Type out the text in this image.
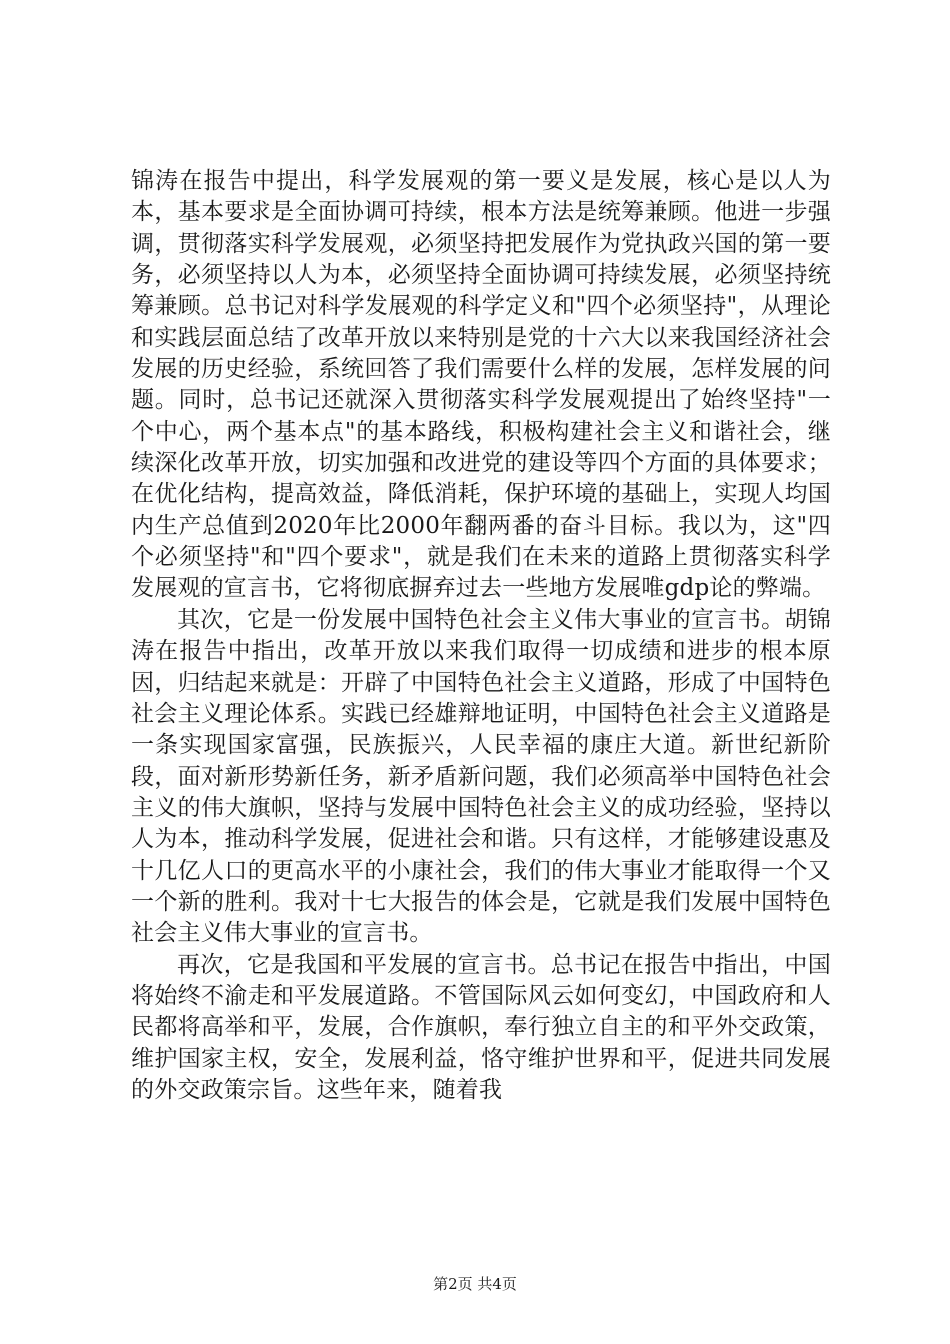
锦涛在报告中提出，科学发展观的第一要义是发展，核心是以人为本，基本要求是全面协调可持续，根本方法是统筹兼顾。他进一步强调，贯彻落实科学发展观，必须坚持把发展作为党执政兴国的第一要务，必须坚持以人为本，必须坚持全面协调可持续发展，必须坚持统筹兼顾。总书记对科学发展观的科学定义和"四个必须坚持"，从理论和实践层面总结了改革开放以来特别是党的十六大以来我国经济社会发展的历史经验，系统回答了我们需要什么样的发展，怎样发展的问题。同时，总书记还就深入贯彻落实科学发展观提出了始终坚持"一个中心，两个基本点"的基本路线，积极构建社会主义和谐社会，继续深化改革开放，切实加强和改进党的建设等四个方面的具体要求；在优化结构，提高效益，降低消耗，保护环境的基础上，实现人均国内生产总值到2020年比2000年翻两番的奋斗目标。我以为，这"四个必须坚持"和"四个要求"，就是我们在未来的道路上贯彻落实科学发展观的宣言书，它将彻底摒弃过去一些地方发展唯gdp论的弊端。

其次，它是一份发展中国特色社会主义伟大事业的宣言书。胡锦涛在报告中指出，改革开放以来我们取得一切成绩和进步的根本原因，归结起来就是：开辟了中国特色社会主义道路，形成了中国特色社会主义理论体系。实践已经雄辩地证明，中国特色社会主义道路是一条实现国家富强，民族振兴，人民幸福的康庄大道。新世纪新阶段，面对新形势新任务，新矛盾新问题，我们必须高举中国特色社会主义的伟大旗帜，坚持与发展中国特色社会主义的成功经验，坚持以人为本，推动科学发展，促进社会和谐。只有这样，才能够建设惠及十几亿人口的更高水平的小康社会，我们的伟大事业才能取得一个又一个新的胜利。我对十七大报告的体会是，它就是我们发展中国特色社会主义伟大事业的宣言书。

再次，它是我国和平发展的宣言书。总书记在报告中指出，中国将始终不渝走和平发展道路。不管国际风云如何变幻，中国政府和人民都将高举和平，发展，合作旗帜，奉行独立自主的和平外交政策，维护国家主权，安全，发展利益，恪守维护世界和平，促进共同发展的外交政策宗旨。这些年来，随着我

第2页 共4页
